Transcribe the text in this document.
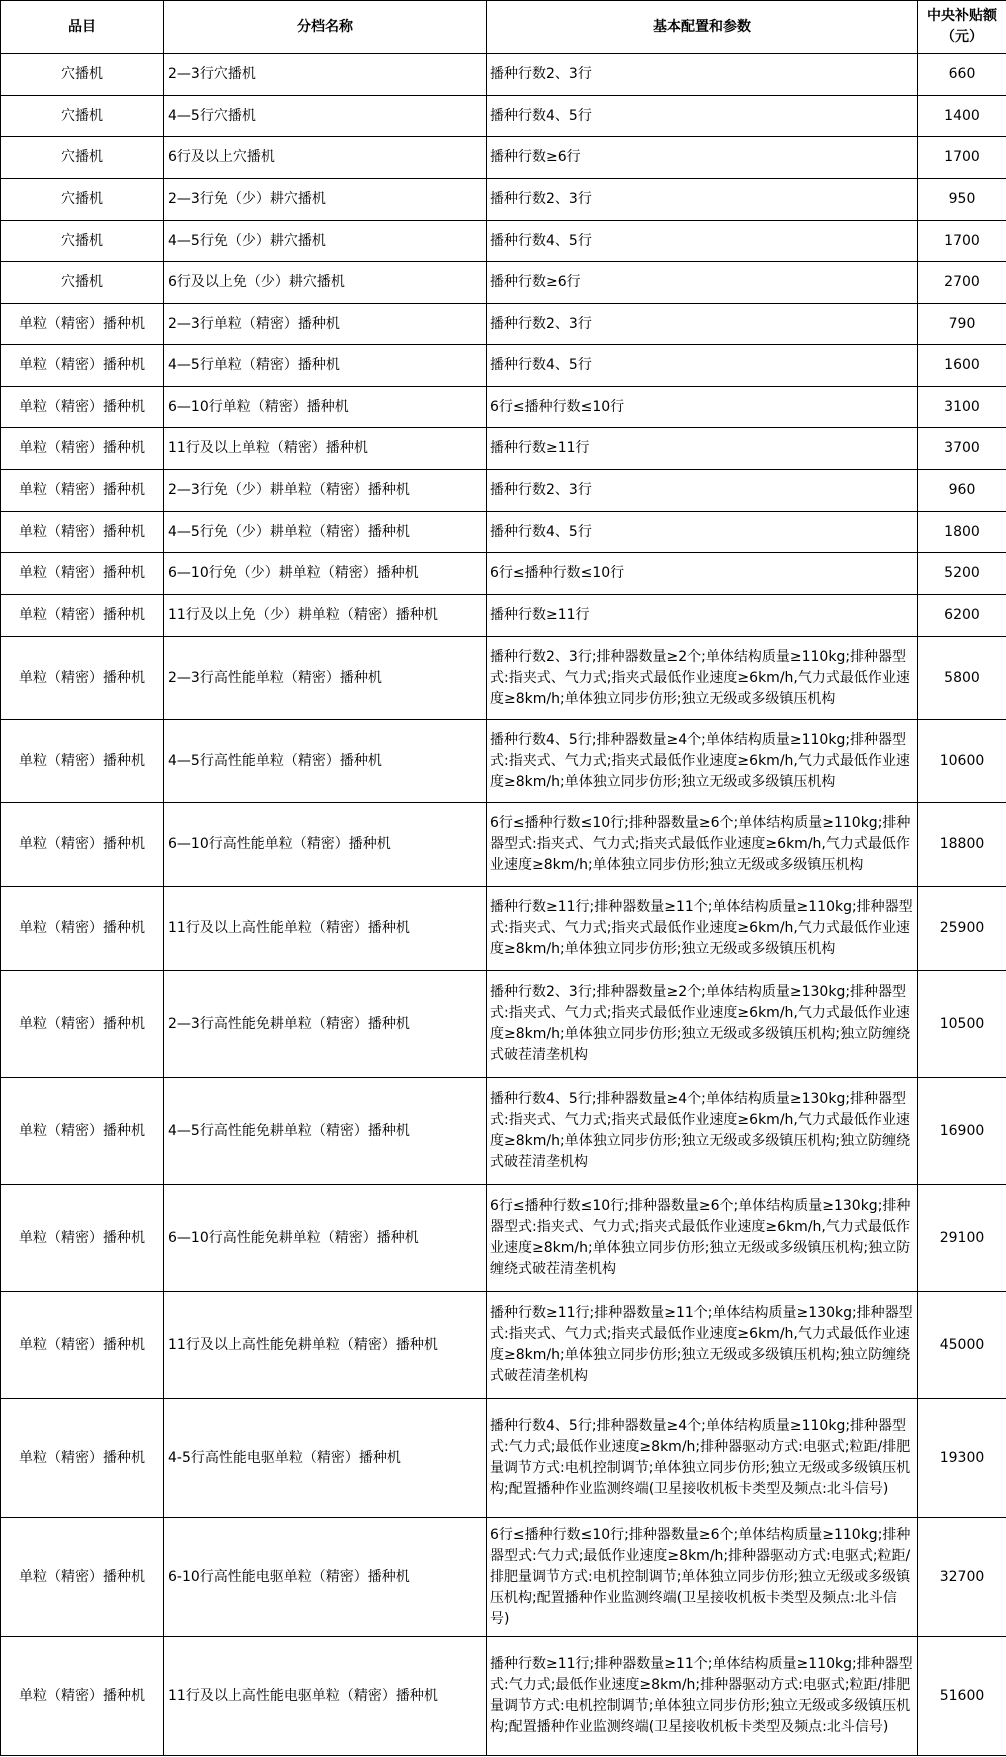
品目	分档名称	基本配置和参数	中央补贴额（元）
穴播机	2—3行穴播机	播种行数2、3行	660
穴播机	4—5行穴播机	播种行数4、5行	1400
穴播机	6行及以上穴播机	播种行数≥6行	1700
穴播机	2—3行免（少）耕穴播机	播种行数2、3行	950
穴播机	4—5行免（少）耕穴播机	播种行数4、5行	1700
穴播机	6行及以上免（少）耕穴播机	播种行数≥6行	2700
单粒（精密）播种机	2—3行单粒（精密）播种机	播种行数2、3行	790
单粒（精密）播种机	4—5行单粒（精密）播种机	播种行数4、5行	1600
单粒（精密）播种机	6—10行单粒（精密）播种机	6行≤播种行数≤10行	3100
单粒（精密）播种机	11行及以上单粒（精密）播种机	播种行数≥11行	3700
单粒（精密）播种机	2—3行免（少）耕单粒（精密）播种机	播种行数2、3行	960
单粒（精密）播种机	4—5行免（少）耕单粒（精密）播种机	播种行数4、5行	1800
单粒（精密）播种机	6—10行免（少）耕单粒（精密）播种机	6行≤播种行数≤10行	5200
单粒（精密）播种机	11行及以上免（少）耕单粒（精密）播种机	播种行数≥11行	6200
单粒（精密）播种机	2—3行高性能单粒（精密）播种机	播种行数2、3行;排种器数量≥2个;单体结构质量≥110kg;排种器型式:指夹式、气力式;指夹式最低作业速度≥6km/h,气力式最低作业速度≥8km/h;单体独立同步仿形;独立无级或多级镇压机构	5800
单粒（精密）播种机	4—5行高性能单粒（精密）播种机	播种行数4、5行;排种器数量≥4个;单体结构质量≥110kg;排种器型式:指夹式、气力式;指夹式最低作业速度≥6km/h,气力式最低作业速度≥8km/h;单体独立同步仿形;独立无级或多级镇压机构	10600
单粒（精密）播种机	6—10行高性能单粒（精密）播种机	6行≤播种行数≤10行;排种器数量≥6个;单体结构质量≥110kg;排种器型式:指夹式、气力式;指夹式最低作业速度≥6km/h,气力式最低作业速度≥8km/h;单体独立同步仿形;独立无级或多级镇压机构	18800
单粒（精密）播种机	11行及以上高性能单粒（精密）播种机	播种行数≥11行;排种器数量≥11个;单体结构质量≥110kg;排种器型式:指夹式、气力式;指夹式最低作业速度≥6km/h,气力式最低作业速度≥8km/h;单体独立同步仿形;独立无级或多级镇压机构	25900
单粒（精密）播种机	2—3行高性能免耕单粒（精密）播种机	播种行数2、3行;排种器数量≥2个;单体结构质量≥130kg;排种器型式:指夹式、气力式;指夹式最低作业速度≥6km/h,气力式最低作业速度≥8km/h;单体独立同步仿形;独立无级或多级镇压机构;独立防缠绕式破茬清垄机构	10500
单粒（精密）播种机	4—5行高性能免耕单粒（精密）播种机	播种行数4、5行;排种器数量≥4个;单体结构质量≥130kg;排种器型式:指夹式、气力式;指夹式最低作业速度≥6km/h,气力式最低作业速度≥8km/h;单体独立同步仿形;独立无级或多级镇压机构;独立防缠绕式破茬清垄机构	16900
单粒（精密）播种机	6—10行高性能免耕单粒（精密）播种机	6行≤播种行数≤10行;排种器数量≥6个;单体结构质量≥130kg;排种器型式:指夹式、气力式;指夹式最低作业速度≥6km/h,气力式最低作业速度≥8km/h;单体独立同步仿形;独立无级或多级镇压机构;独立防缠绕式破茬清垄机构	29100
单粒（精密）播种机	11行及以上高性能免耕单粒（精密）播种机	播种行数≥11行;排种器数量≥11个;单体结构质量≥130kg;排种器型式:指夹式、气力式;指夹式最低作业速度≥6km/h,气力式最低作业速度≥8km/h;单体独立同步仿形;独立无级或多级镇压机构;独立防缠绕式破茬清垄机构	45000
单粒（精密）播种机	4-5行高性能电驱单粒（精密）播种机	播种行数4、5行;排种器数量≥4个;单体结构质量≥110kg;排种器型式:气力式;最低作业速度≥8km/h;排种器驱动方式:电驱式;粒距/排肥量调节方式:电机控制调节;单体独立同步仿形;独立无级或多级镇压机构;配置播种作业监测终端(卫星接收机板卡类型及频点:北斗信号)	19300
单粒（精密）播种机	6-10行高性能电驱单粒（精密）播种机	6行≤播种行数≤10行;排种器数量≥6个;单体结构质量≥110kg;排种器型式:气力式;最低作业速度≥8km/h;排种器驱动方式:电驱式;粒距/排肥量调节方式:电机控制调节;单体独立同步仿形;独立无级或多级镇压机构;配置播种作业监测终端(卫星接收机板卡类型及频点:北斗信号)	32700
单粒（精密）播种机	11行及以上高性能电驱单粒（精密）播种机	播种行数≥11行;排种器数量≥11个;单体结构质量≥110kg;排种器型式:气力式;最低作业速度≥8km/h;排种器驱动方式:电驱式;粒距/排肥量调节方式:电机控制调节;单体独立同步仿形;独立无级或多级镇压机构;配置播种作业监测终端(卫星接收机板卡类型及频点:北斗信号)	51600
